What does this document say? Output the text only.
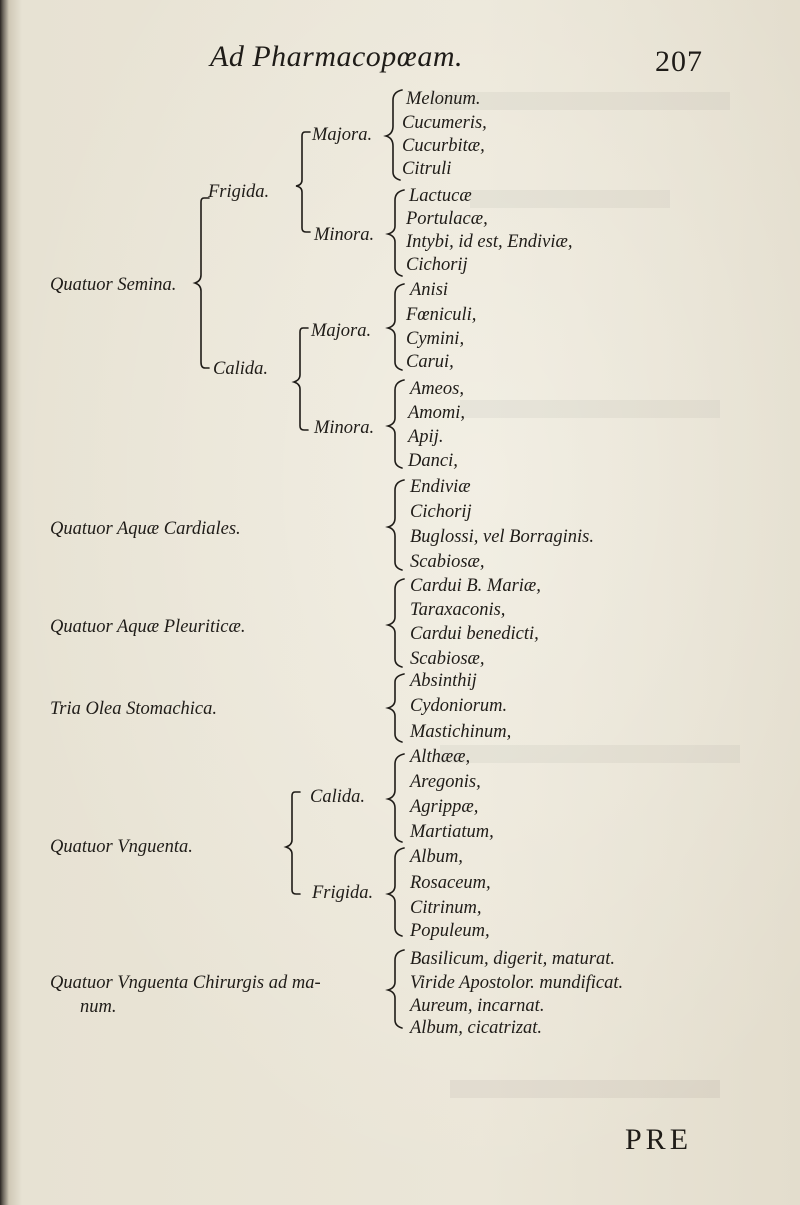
Ad Pharmacopœam.	207
Quatuor Semina.
Frigida.
Majora.
Melonum.
Cucumeris,
Cucurbitæ,
Citruli
Minora.
Lactucæ
Portulacæ,
Intybi, id est, Endiviæ,
Cichorij
Calida.
Majora.
Anisi
Fœniculi,
Cymini,
Carui,
Minora.
Ameos,
Amomi,
Apij.
Danci,
Quatuor Aquæ Cardiales.
Endiviæ
Cichorij
Buglossi, vel Borraginis.
Scabiosæ,
Quatuor Aquæ Pleuriticæ.
Cardui B. Mariæ,
Taraxaconis,
Cardui benedicti,
Scabiosæ,
Tria Olea Stomachica.
Absinthij
Cydoniorum.
Mastichinum,
Quatuor Vnguenta.
Calida.
Althææ,
Aregonis,
Agrippæ,
Martiatum,
Frigida.
Album,
Rosaceum,
Citrinum,
Populeum,
Quatuor Vnguenta Chirurgis ad ma-
num.
Basilicum, digerit, maturat.
Viride Apostolor. mundificat.
Aureum, incarnat.
Album, cicatrizat.
PRE
